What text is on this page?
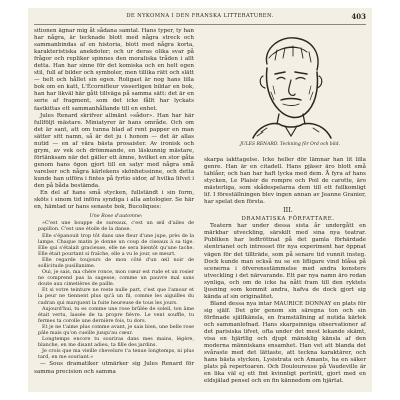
DE NYKOMNA I DEN FRANSKA LITTERATUREN.	403

sitionen ägnar mig åt sådana samtal. Hans typer, ty han har några, är tecknade blott med några streck och sammanbindas af en historia, blott med några korta, karakteristiska anekdoter; och ur deras olika svar på frågor och repliker spinnes den moraliska tråden i allt detta. Han har sinne för det komiska och en helt egen stil, full af bilder och symboler, men tillika rätt och slätt — helt och hållet sin egen. Roligast är nog hans lilla bok om en katt, L'Écornifleur visserligen bildar en bok, han har likväl här gått tillväga på samma sätt: det är en serie af fragment, som det icke fållt har lyckats fastkittas ett sammanhållande till en enhet.

Jules Renard skrifver allmänt »sådor». Han har här fullföljt mästare. Miniatyrer är hans område. Och om det är sant, att om tunna blad af rent papper en man sätter sitt namn, så är det ju i honom — det är allas nutid — en af vära bästa prosaister. Av ironisk och grym, av vek och drömmande, en läskunnig mästare, förtänksam när det gäller ett ämne, hvilket en stor gåta genom hans ögon gjort till en satyr med några små varelser och några kärlekens skönhetssinne, och detta kunde han utföra i fintes på fyrtio sidor, af hvilka lifvet i den på båda bestämda.

En del af hans små stycken, fullständt i sin form, sköts i sinom tid införa syndiga i alla antologier. Se här en, hämtad ur hans senaste bok, Bucoliques:

Une Rose d'automne:

»C'est une bouppe de sureaux, c'est un œil d'ailes de papillon. C'est une étoile de la danse.

Elle s'épanouit trop tôt dans une fleur d'une jupe, près de la lampe. Chaque matin je donne un coup de ciseaux à sa tige. Elle qui s'étalait gracieuse, elle ne sera bientôt qu'une tache. Elle était pourtant si fraîche, elle a vu le jour, se meurt.

Elle regarde toujours de mon côté d'un œil noir de sollicitude pusillanime.

Oui, je sais, ma chère ronce, mon cœur est rude et un rosier ne comprend pas la sagesse, comme un pauvre mal sans doute aux cimetières de paille.

Et si votre teinture ne reste nulle part, c'est que l'amour et la peur ne tiennent plus qu'à un fil, comme les aiguilles du cadran qui marquent la fuite heureuse de tous les jours.

Aujourd'hui, tu es comme une rose brûlée de soleil, ton âme était vertu, lassée de ta propre fièvre. Le vent souffle, tu fermes ta corolle une dernière fois, tu dors.

Et je ne t'aime plus comme avant, je sais bien, une belle rose pâle mais qu'on cueille jusqu'au cœur.

Longtemps encore tu souriras dans mes mains, légère, blanche, en me disant adieu, ta fille des jardins.

Je crois que ma vieille chevelure t'a tenue longtemps, ni plus tard, en me souriant.«

— Sous dramatiker utmärker sig Jules Renard för samma precision och samma

JULES RENARD. Teckning för Ord och bild.

skarpa iakttagelse. Icke heller dör lämnar han lit lilla genre. Han är en citadell. Hans pjäser äro blott små tablåer, och han har haft lycka med dem. Å fyra af hans stycken, Le Plaisir de rompre och Poil de carotte, äro mästerliga, som skådespelarna dem till ett fullkomligt lif. I föreställningen blev ingen annan av Jeanne Granier, har spelat den första.

III.

DRAMATISKA FÖRFATTARE.

Teatern har under dessa sista år undergått en märkbar utveckling, särskilt med sina nya teatrar. Publiken har ledtröttnat på det gamla förhärdade slentrianet och intresset för nya experiment har öppnat vägen för det tillträde, som på senare tid vunnit insteg. Dock kunde man också nu se en lifligare vind blåsa på scenerna i öfverensstämmelse med andra konsters utveckling i det närvarande. Ett par nya namn äro redan synliga, och om de icke ha nått fram till den ryktets ljusning som kommit andra, hafva de dock gjort sig kända af sin originalitet.

Bland dessa nya intar MAURICE DONNAY en plats för sig själf. Det gör genom sin säregna ton och sin förfinade själfkänsla, en framställning af nutida kärlek och sammanlefnad. Hans skarpsinniga observationer af det parisiska lifvet, ofta under det mest lekande skämt, visa en hjärtlig och djupt mänsklig känsla af den moderna människans ensamhet. Han vet att blanda det svåraste med det lättaste, att teckna karaktärer, och hans bästa stycken, Lysistrata och Amants, ha en säker plats på repertoaren. Och Douloureuse på Vaudeville är en lika väl ej ett fint kvinnligt porträtt, gjort med en eldsjälad pensel och en fin kännedom om hjärtat.
